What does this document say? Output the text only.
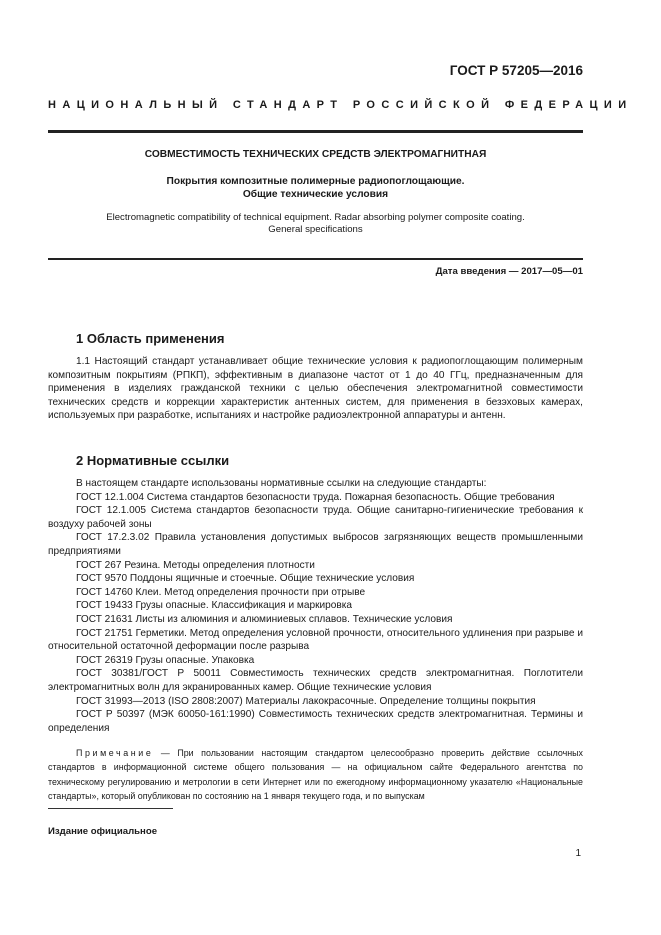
ГОСТ Р 57205—2016
НАЦИОНАЛЬНЫЙ СТАНДАРТ РОССИЙСКОЙ ФЕДЕРАЦИИ
СОВМЕСТИМОСТЬ ТЕХНИЧЕСКИХ СРЕДСТВ ЭЛЕКТРОМАГНИТНАЯ
Покрытия композитные полимерные радиопоглощающие.
Общие технические условия
Electromagnetic compatibility of technical equipment. Radar absorbing polymer composite coating.
General specifications
Дата введения — 2017—05—01
1 Область применения

1.1 Настоящий стандарт устанавливает общие технические условия к радиопоглощающим полимерным композитным покрытиям (РПКП), эффективным в диапазоне частот от 1 до 40 ГГц, предназначенным для применения в изделиях гражданской техники с целью обеспечения электромагнитной совместимости технических средств и коррекции характеристик антенных систем, для применения в безэховых камерах, используемых при разработке, испытаниях и настройке радиоэлектронной аппаратуры и антенн.

2 Нормативные ссылки

В настоящем стандарте использованы нормативные ссылки на следующие стандарты:

ГОСТ 12.1.004 Система стандартов безопасности труда. Пожарная безопасность. Общие требования

ГОСТ 12.1.005 Система стандартов безопасности труда. Общие санитарно-гигиенические требования к воздуху рабочей зоны

ГОСТ 17.2.3.02 Правила установления допустимых выбросов загрязняющих веществ промышленными предприятиями

ГОСТ 267 Резина. Методы определения плотности

ГОСТ 9570 Поддоны ящичные и стоечные. Общие технические условия

ГОСТ 14760 Клеи. Метод определения прочности при отрыве

ГОСТ 19433 Грузы опасные. Классификация и маркировка

ГОСТ 21631 Листы из алюминия и алюминиевых сплавов. Технические условия

ГОСТ 21751 Герметики. Метод определения условной прочности, относительного удлинения при разрыве и относительной остаточной деформации после разрыва

ГОСТ 26319 Грузы опасные. Упаковка

ГОСТ 30381/ГОСТ Р 50011 Совместимость технических средств электромагнитная. Поглотители электромагнитных волн для экранированных камер. Общие технические условия

ГОСТ 31993—2013 (ISO 2808:2007) Материалы лакокрасочные. Определение толщины покрытия

ГОСТ Р 50397 (МЭК 60050-161:1990) Совместимость технических средств электромагнитная. Термины и определения

Примечание — При пользовании настоящим стандартом целесообразно проверить действие ссылочных стандартов в информационной системе общего пользования — на официальном сайте Федерального агентства по техническому регулированию и метрологии в сети Интернет или по ежегодному информационному указателю «Национальные стандарты», который опубликован по состоянию на 1 января текущего года, и по выпускам
Издание официальное
1
